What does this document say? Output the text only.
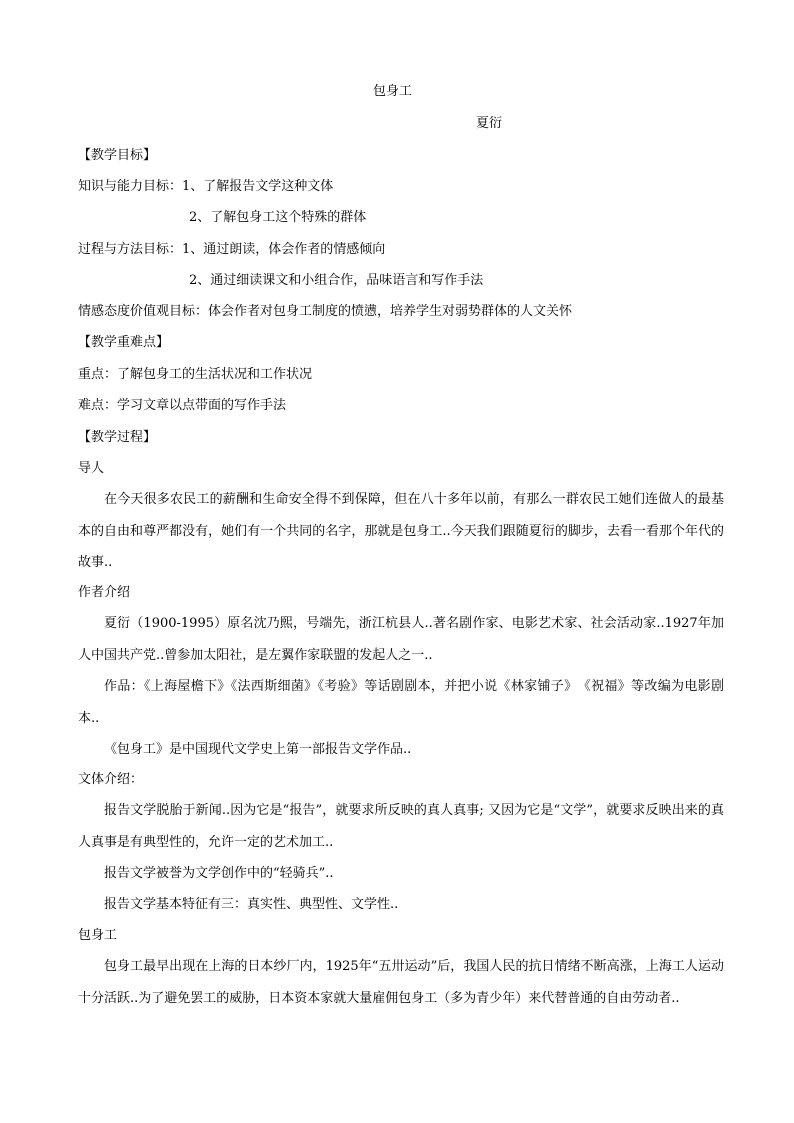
包身工
夏衍
【教学目标】
知识与能力目标：1、了解报告文学这种文体
2、了解包身工这个特殊的群体
过程与方法目标：1、通过朗读，体会作者的情感倾向
2、通过细读课文和小组合作，品味语言和写作手法
情感态度价值观目标：体会作者对包身工制度的愤懑，培养学生对弱势群体的人文关怀
【教学重难点】
重点：了解包身工的生活状况和工作状况
难点：学习文章以点带面的写作手法
【教学过程】
导人
在今天很多农民工的薪酬和生命安全得不到保障，但在八十多年以前，有那么一群农民工她们连做人的最基本的自由和尊严都没有，她们有一个共同的名字，那就是包身工..今天我们跟随夏衍的脚步，去看一看那个年代的故事..
作者介绍
夏衍（1900-1995）原名沈乃熙，号端先，浙江杭县人..著名剧作家、电影艺术家、社会活动家..1927年加人中国共产党..曾参加太阳社，是左翼作家联盟的发起人之一..
作品：《上海屋檐下》《法西斯细菌》《考验》等话剧剧本，并把小说《林家铺子》　《祝福》等改编为电影剧本..
《包身工》是中国现代文学史上第一部报告文学作品..
文体介绍：
报告文学脱胎于新闻..因为它是“报告”，就要求所反映的真人真事; 又因为它是“文学”，就要求反映出来的真人真事是有典型性的，允许一定的艺术加工..
报告文学被誉为文学创作中的“轻骑兵”..
报告文学基本特征有三：真实性、典型性、文学性..
包身工
包身工最早出现在上海的日本纱厂内，1925年“五卅运动”后，我国人民的抗日情绪不断高涨，上海工人运动十分活跃..为了避免罢工的威胁，日本资本家就大量雇佣包身工（多为青少年）来代替普通的自由劳动者..
